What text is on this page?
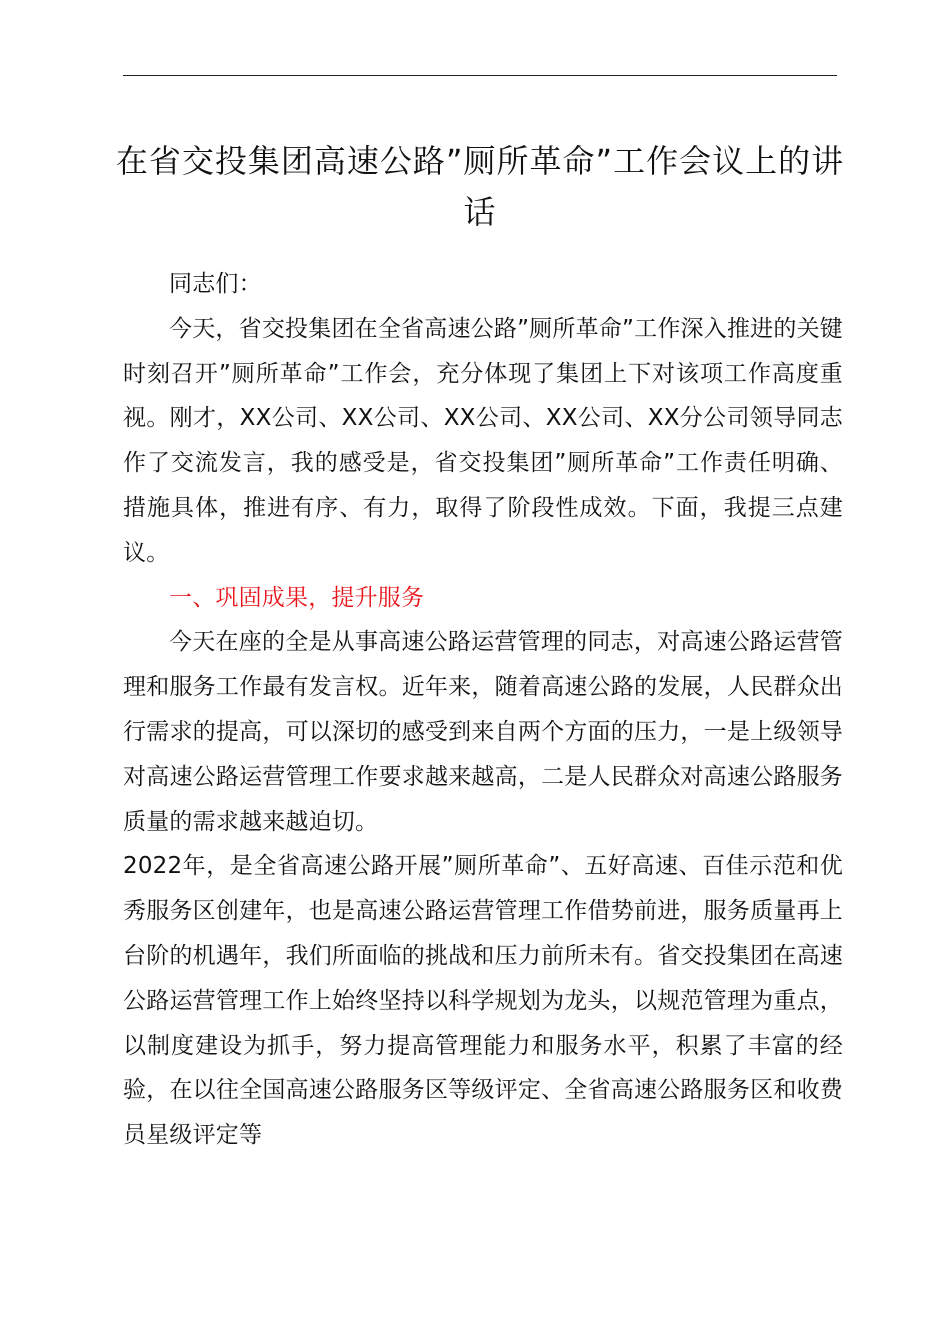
在省交投集团高速公路”厕所革命”工作会议上的讲话

同志们：

今天，省交投集团在全省高速公路”厕所革命”工作深入推进的关键时刻召开”厕所革命”工作会，充分体现了集团上下对该项工作高度重视。刚才，XX公司、XX公司、XX公司、XX公司、XX分公司领导同志作了交流发言，我的感受是，省交投集团”厕所革命”工作责任明确、措施具体，推进有序、有力，取得了阶段性成效。下面，我提三点建议。

一、巩固成果，提升服务

今天在座的全是从事高速公路运营管理的同志，对高速公路运营管理和服务工作最有发言权。近年来，随着高速公路的发展，人民群众出行需求的提高，可以深切的感受到来自两个方面的压力，一是上级领导对高速公路运营管理工作要求越来越高，二是人民群众对高速公路服务质量的需求越来越迫切。

2022年，是全省高速公路开展”厕所革命”、五好高速、百佳示范和优秀服务区创建年，也是高速公路运营管理工作借势前进，服务质量再上台阶的机遇年，我们所面临的挑战和压力前所未有。省交投集团在高速公路运营管理工作上始终坚持以科学规划为龙头，以规范管理为重点，以制度建设为抓手，努力提高管理能力和服务水平，积累了丰富的经验，在以往全国高速公路服务区等级评定、全省高速公路服务区和收费员星级评定等
